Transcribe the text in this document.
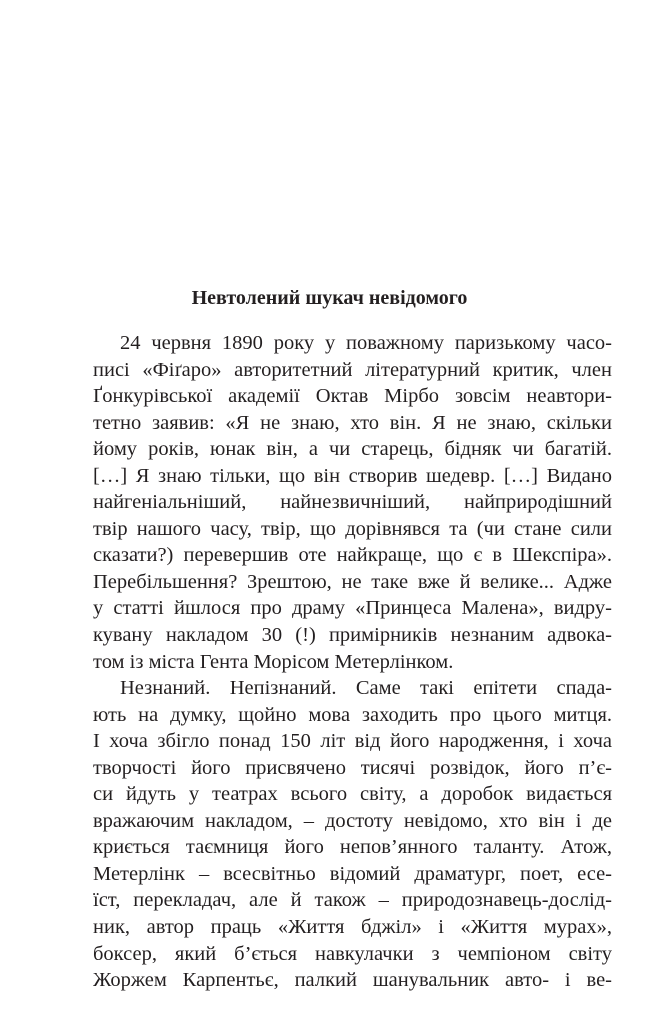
Невтолений шукач невідомого
24 червня 1890 року у поважному паризькому часо-
писі «Фіґаро» авторитетний літературний критик, член
Ґонкурівської академії Октав Мірбо зовсім неавтори-
тетно заявив: «Я не знаю, хто він. Я не знаю, скільки
йому років, юнак він, а чи старець, бідняк чи багатій.
[…] Я знаю тільки, що він створив шедевр. […] Видано
найгеніальніший, найнезвичніший, найприродішний
твір нашого часу, твір, що дорівнявся та (чи стане сили
сказати?) перевершив оте найкраще, що є в Шекспіра».
Перебільшення? Зрештою, не таке вже й велике... Адже
у статті йшлося про драму «Принцеса Малена», видру-
кувану накладом 30 (!) примірників незнаним адвока-
том із міста Гента Морісом Метерлінком.
Незнаний. Непізнаний. Саме такі епітети спада-
ють на думку, щойно мова заходить про цього митця.
І хоча збігло понад 150 літ від його народження, і хоча
творчості його присвячено тисячі розвідок, його п’є-
си йдуть у театрах всього світу, а доробок видається
вражаючим накладом, – достоту невідомо, хто він і де
криється таємниця його непов’янного таланту. Атож,
Метерлінк – всесвітньо відомий драматург, поет, есе-
їст, перекладач, але й також – природознавець-дослід-
ник, автор праць «Життя бджіл» і «Життя мурах»,
боксер, який б’ється навкулачки з чемпіоном світу
Жоржем Карпентьє, палкий шанувальник авто- і ве-
